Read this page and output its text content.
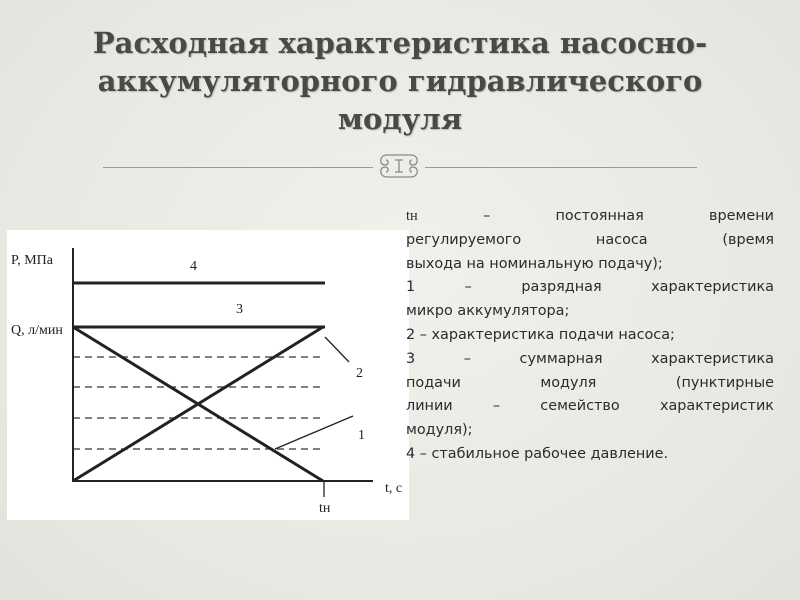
Расходная характеристика насосно-
аккумуляторного гидравлического
модуля
P, МПа
Q, л/мин
t, с
tн
4
3
2
1

tн – постоянная времени

регулируемого насоса (время

выхода на номинальную подачу);

1 – разрядная характеристика

микро аккумулятора;

2 – характеристика подачи насоса;

3 – суммарная характеристика

подачи модуля (пунктирные

линии – семейство характеристик

модуля);

4 – стабильное рабочее давление.
